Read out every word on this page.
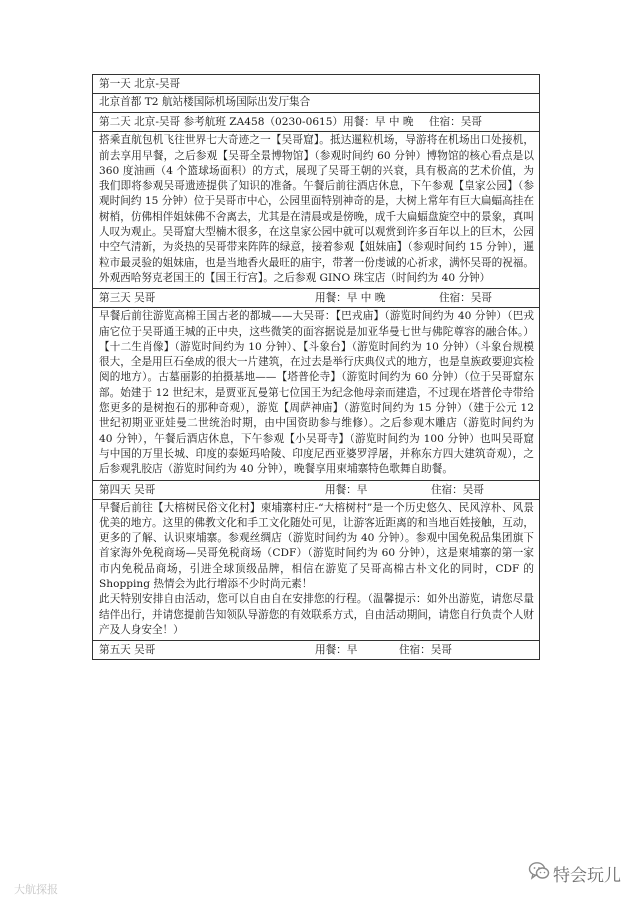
第一天 北京-吴哥

北京首都 T2 航站楼国际机场国际出发厅集合

第二天 北京-吴哥 参考航班 ZA458（0230-0615）用餐：早 中 晚 住宿：吴哥

搭乘直航包机飞往世界七大奇迹之一【吴哥窟】。抵达暹粒机场，导游将在机场出口处接机，前去享用早餐，之后参观【吴哥全景博物馆】（参观时间约 60 分钟）博物馆的核心看点是以 360 度油画（4 个篮球场面积）的方式，展现了吴哥王朝的兴衰，具有极高的艺术价值，为我们即将参观吴哥遗迹提供了知识的准备。午餐后前往酒店休息，下午参观【皇家公园】（参观时间约 15 分钟）位于吴哥市中心，公园里面特别神奇的是，大树上常年有巨大扁蝠高挂在树梢，仿佛相伴姐妹佛不舍离去，尤其是在清晨或是傍晚，成千大扁蝠盘旋空中的景象，真叫人叹为观止。吴哥窟大型楠木很多，在这皇家公园中就可以观赏到许多百年以上的巨木，公园中空气清新，为炎热的吴哥带来阵阵的绿意，接着参观【姐妹庙】（参观时间约 15 分钟），暹粒市最灵验的姐妹庙，也是当地香火最旺的庙宇，带著一份虔诚的心祈求，满怀吴哥的祝福。外观西哈努克老国王的【国王行宫】。之后参观 GINO 珠宝店（时间约为 40 分钟）

第三天 吴哥	用餐：早 中 晚	住宿：吴哥

早餐后前往游览高棉王国古老的都城——大吴哥：【巴戎庙】（游览时间约为 40 分钟）（巴戎庙它位于吴哥通王城的正中央，这些微笑的面容据说是加亚华曼七世与佛陀尊容的融合体。）【十二生肖像】（游览时间约为 10 分钟）、【斗象台】（游览时间约为 10 分钟）（斗象台规模很大，全是用巨石垒成的很大一片建筑，在过去是举行庆典仪式的地方，也是皇族政要迎宾检阅的地方）。古墓丽影的拍摄基地——【塔普伦寺】（游览时间约为 60 分钟）（位于吴哥窟东部。始建于 12 世纪末，是贾亚瓦曼第七位国王为纪念他母亲而建造，不过现在塔普伦寺带给您更多的是树抱石的那种奇观），游览【周萨神庙】（游览时间约为 15 分钟）（建于公元 12 世纪初期亚亚娃曼二世统治时期，由中国资助参与维修）。之后参观木雕店（游览时间约为 40 分钟），午餐后酒店休息，下午参观【小吴哥寺】（游览时间约为 100 分钟）也叫吴哥窟与中国的万里长城、印度的泰姬玛哈陵、印度尼西亚婆罗浮屠，并称东方四大建筑奇观），之后参观乳胶店（游览时间约为 40 分钟），晚餐享用柬埔寨特色歌舞自助餐。

第四天 吴哥	用餐：早	住宿：吴哥

早餐后前往【大榕树民俗文化村】柬埔寨村庄-“大榕树村”是一个历史悠久、民风淳朴、风景优美的地方。这里的佛教文化和手工文化随处可见，让游客近距离的和当地百姓接触，互动，更多的了解、认识柬埔寨。参观丝绸店（游览时间约为 40 分钟）。参观中国免税品集团旗下首家海外免税商场—吴哥免税商场（CDF）（游览时间约为 60 分钟），这是柬埔寨的第一家市内免税品商场，引进全球顶级品牌，相信在游览了吴哥高棉古朴文化的同时，CDF 的 Shopping 热情会为此行增添不少时尚元素！

此天特别安排自由活动，您可以自由自在安排您的行程。（温馨提示：如外出游览，请您尽量结伴出行，并请您提前告知领队导游您的有效联系方式，自由活动期间，请您自行负责个人财产及人身安全！）

第五天 吴哥	用餐：早	住宿：吴哥
特会玩儿
大航探报
